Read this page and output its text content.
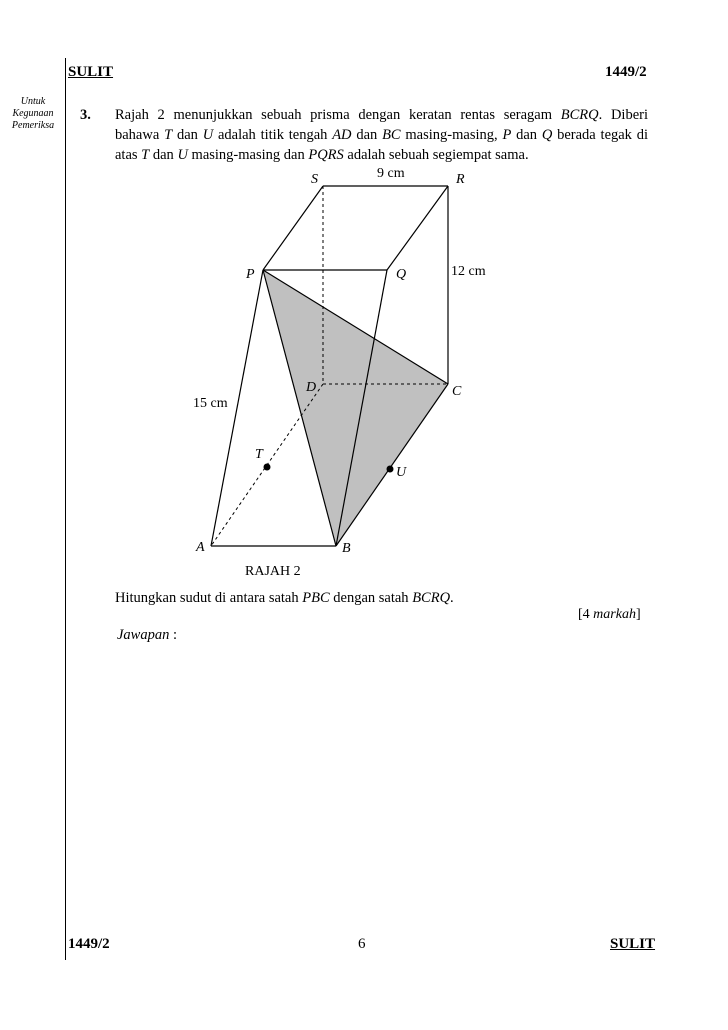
SULIT	1449/2
Untuk
Kegunaan
Pemeriksa
3. Rajah 2 menunjukkan sebuah prisma dengan keratan rentas seragam BCRQ. Diberi
bahawa T dan U adalah titik tengah AD dan BC masing-masing, P dan Q berada tegak di
atas T dan U masing-masing dan PQRS adalah sebuah segiempat sama.
S	R
P	Q
D	C
T
U
A	B
9 cm
12 cm
15 cm
RAJAH 2
Hitungkan sudut di antara satah PBC dengan satah BCRQ.
[4 markah]
Jawapan :
1449/2	6	SULIT
